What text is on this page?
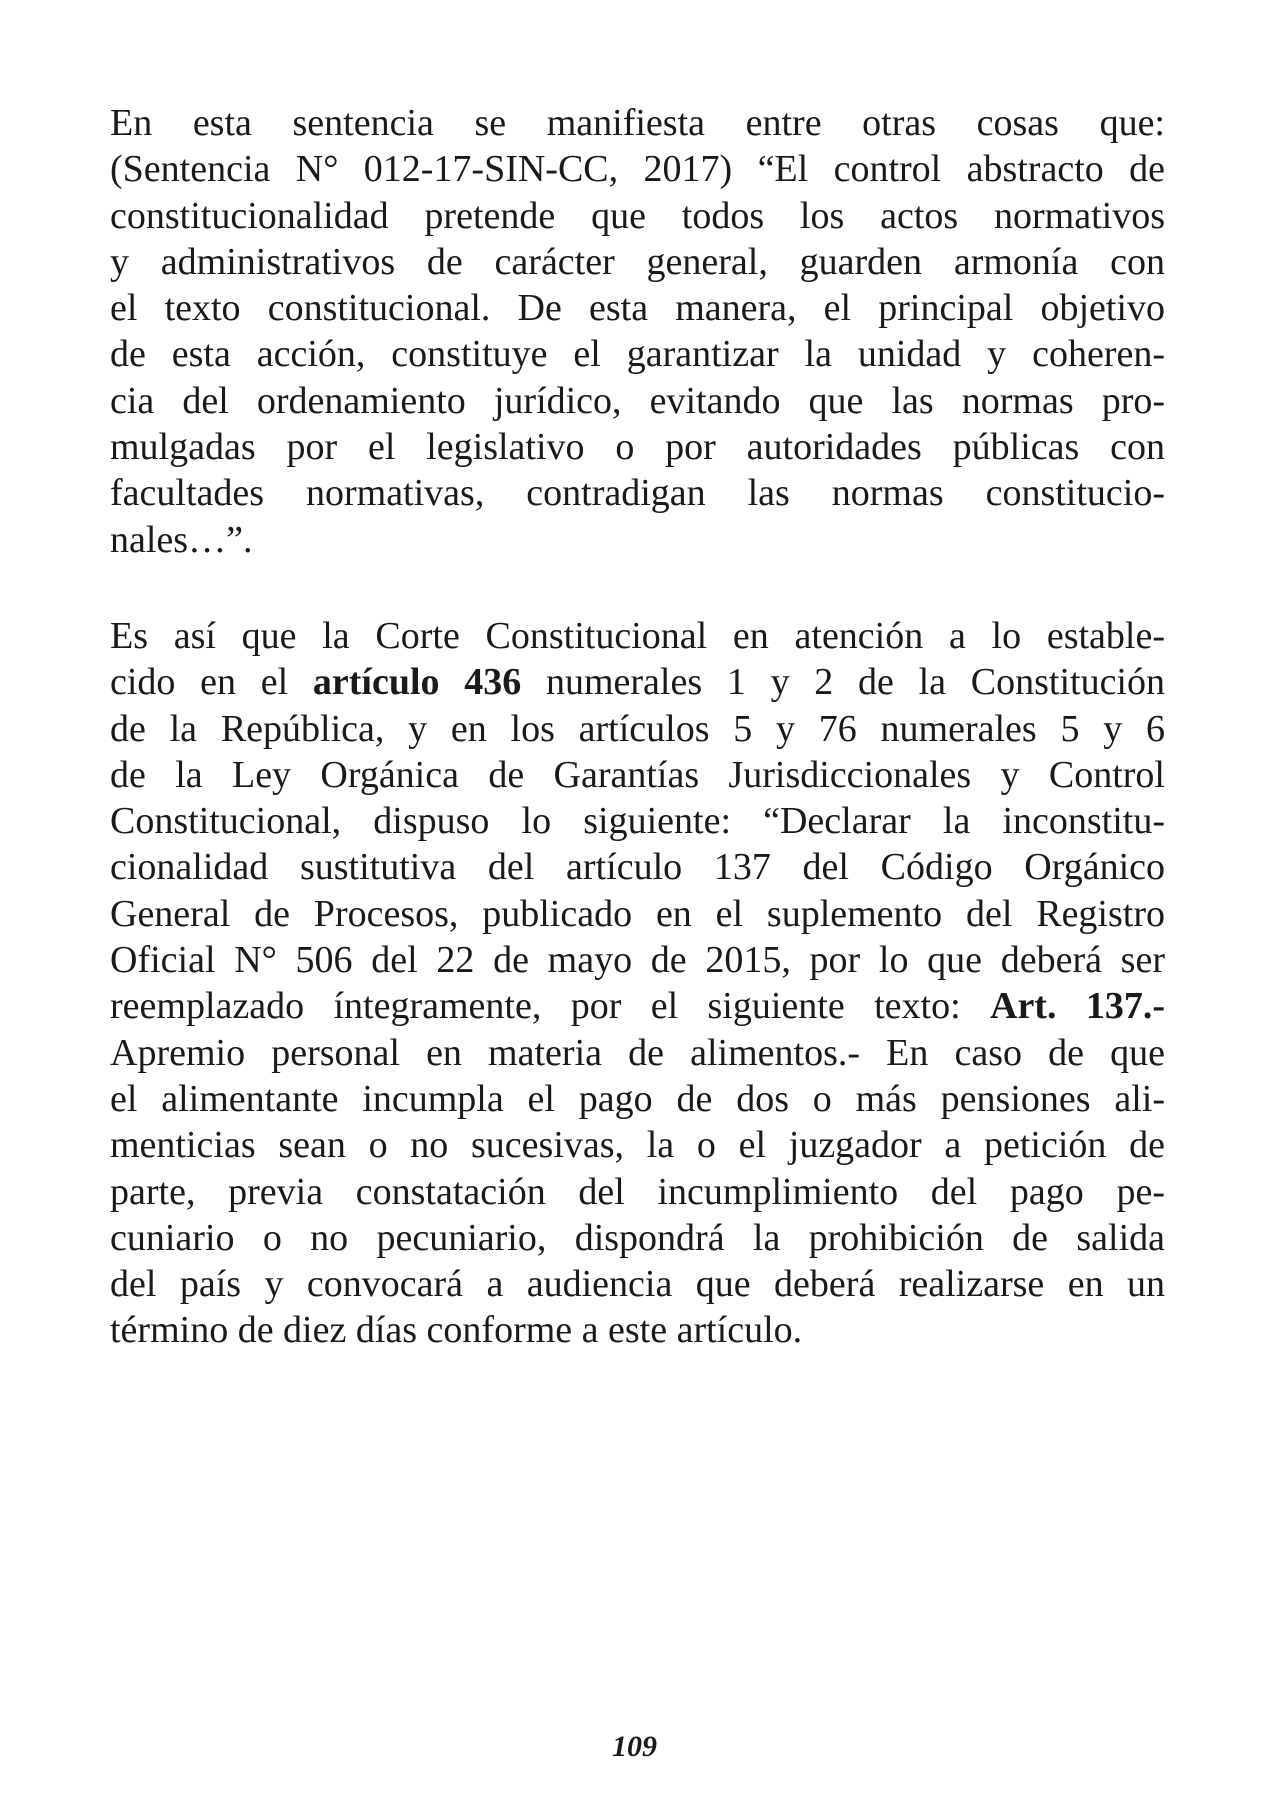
En esta sentencia se manifiesta entre otras cosas que:
(Sentencia N° 012-17-SIN-CC, 2017) “El control abstracto de
constitucionalidad pretende que todos los actos normativos
y administrativos de carácter general, guarden armonía con
el texto constitucional. De esta manera, el principal objetivo
de esta acción, constituye el garantizar la unidad y coheren-
cia del ordenamiento jurídico, evitando que las normas pro-
mulgadas por el legislativo o por autoridades públicas con
facultades normativas, contradigan las normas constitucio-
nales…”.
Es así que la Corte Constitucional en atención a lo estable-
cido en el artículo 436 numerales 1 y 2 de la Constitución
de la República, y en los artículos 5 y 76 numerales 5 y 6
de la Ley Orgánica de Garantías Jurisdiccionales y Control
Constitucional, dispuso lo siguiente: “Declarar la inconstitu-
cionalidad sustitutiva del artículo 137 del Código Orgánico
General de Procesos, publicado en el suplemento del Registro
Oficial N° 506 del 22 de mayo de 2015, por lo que deberá ser
reemplazado íntegramente, por el siguiente texto: Art. 137.-
Apremio personal en materia de alimentos.- En caso de que
el alimentante incumpla el pago de dos o más pensiones ali-
menticias sean o no sucesivas, la o el juzgador a petición de
parte, previa constatación del incumplimiento del pago pe-
cuniario o no pecuniario, dispondrá la prohibición de salida
del país y convocará a audiencia que deberá realizarse en un
término de diez días conforme a este artículo.
109
